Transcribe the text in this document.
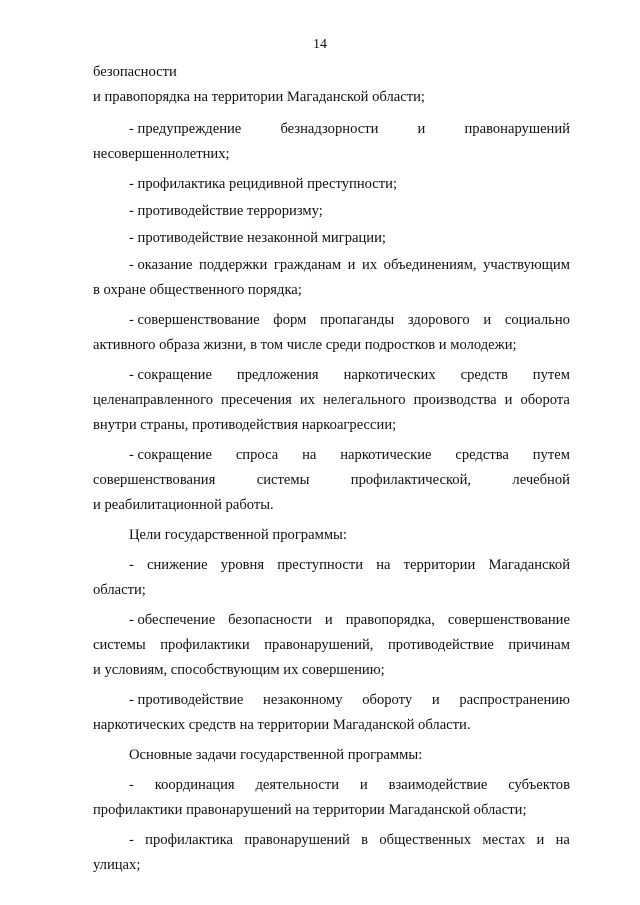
14
безопасности
и правопорядка на территории Магаданской области;
- предупреждение	безнадзорности	и	правонарушений
несовершеннолетних;
- профилактика рецидивной преступности;
- противодействие терроризму;
- противодействие незаконной миграции;
- оказание поддержки гражданам и их объединениям, участвующим
в охране общественного порядка;
- совершенствование форм пропаганды здорового и социально
активного образа жизни, в том числе среди подростков и молодежи;
- сокращение предложения наркотических средств путем
целенаправленного пресечения их нелегального производства и оборота
внутри страны, противодействия наркоагрессии;
- сокращение спроса на наркотические средства путем
совершенствования	системы	профилактической,	лечебной
и реабилитационной работы.
Цели государственной программы:
- снижение уровня преступности на территории Магаданской
области;
- обеспечение безопасности и правопорядка, совершенствование
системы профилактики правонарушений, противодействие причинам
и условиям, способствующим их совершению;
- противодействие незаконному обороту и распространению
наркотических средств на территории Магаданской области.
Основные задачи государственной программы:
- координация деятельности и взаимодействие субъектов
профилактики правонарушений на территории Магаданской области;
- профилактика правонарушений в общественных местах и на
улицах;
